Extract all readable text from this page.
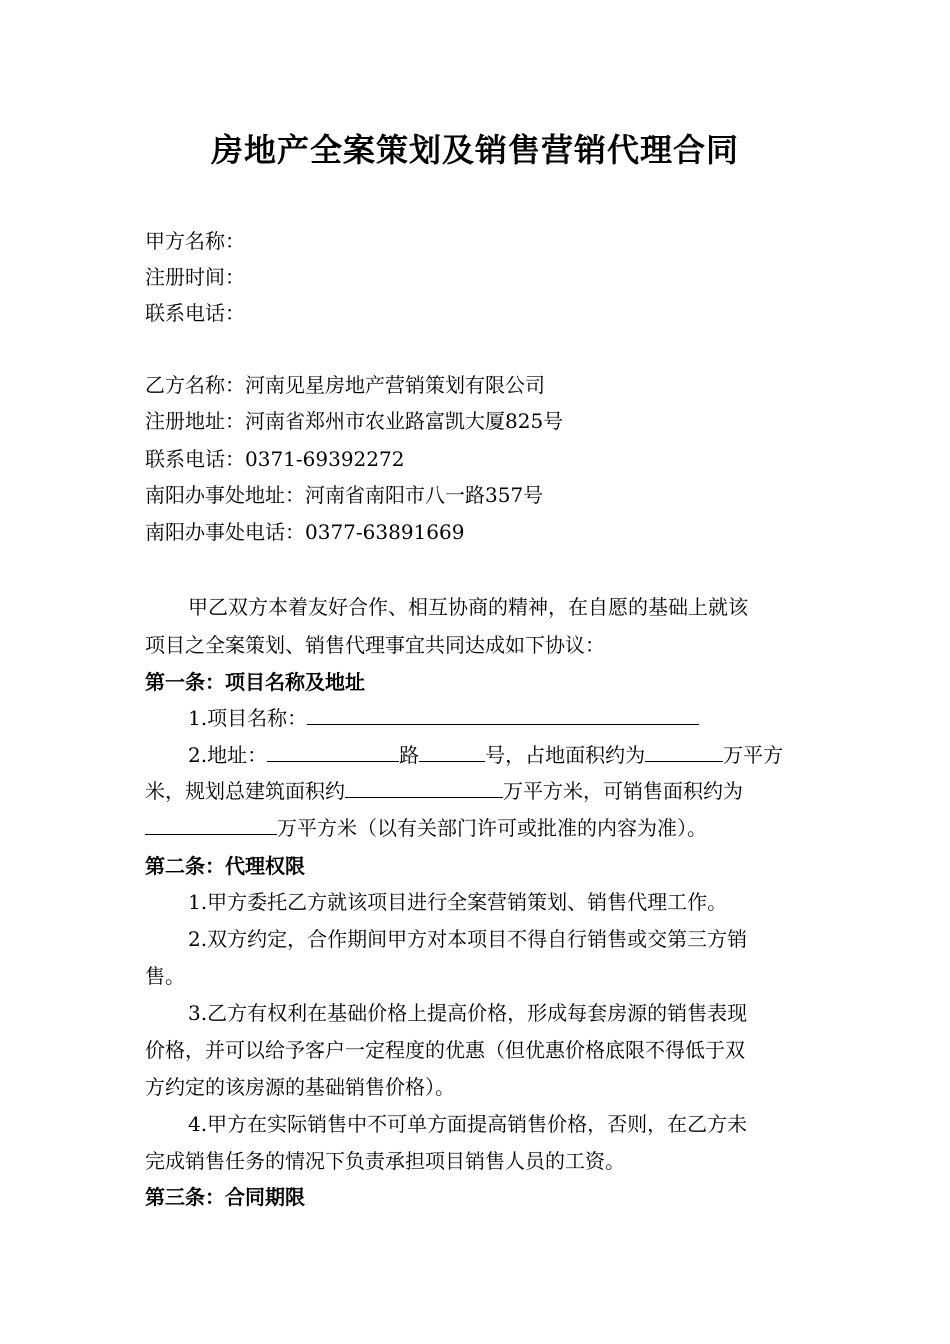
房地产全案策划及销售营销代理合同
甲方名称：
注册时间：
联系电话：
乙方名称：河南见星房地产营销策划有限公司
注册地址：河南省郑州市农业路富凯大厦825号
联系电话：0371-69392272
南阳办事处地址：河南省南阳市八一路357号
南阳办事处电话：0377-63891669
甲乙双方本着友好合作、相互协商的精神，在自愿的基础上就该
项目之全案策划、销售代理事宜共同达成如下协议：
第一条：项目名称及地址
1.项目名称：
2.地址：	路	号，占地面积约为	万平方
米，规划总建筑面积约	万平方米，可销售面积约为
万平方米（以有关部门许可或批准的内容为准）。
第二条：代理权限
1.甲方委托乙方就该项目进行全案营销策划、销售代理工作。
2.双方约定，合作期间甲方对本项目不得自行销售或交第三方销
售。
3.乙方有权利在基础价格上提高价格，形成每套房源的销售表现
价格，并可以给予客户一定程度的优惠（但优惠价格底限不得低于双
方约定的该房源的基础销售价格）。
4.甲方在实际销售中不可单方面提高销售价格，否则，在乙方未
完成销售任务的情况下负责承担项目销售人员的工资。
第三条：合同期限
